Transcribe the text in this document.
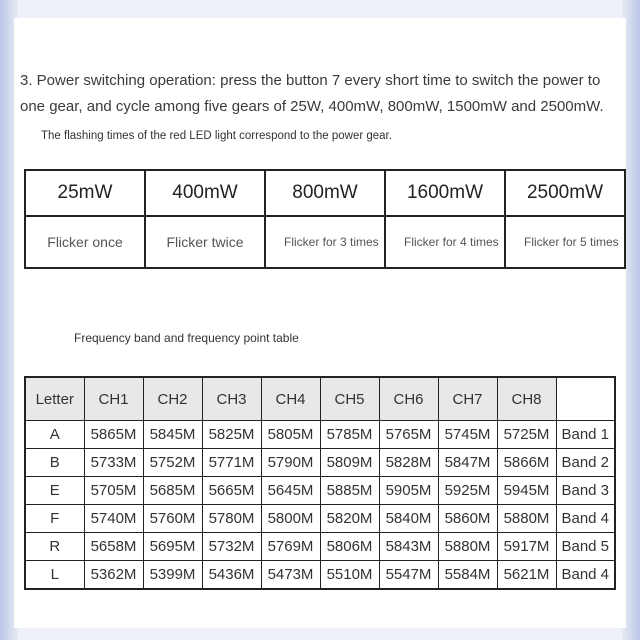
3. Power switching operation: press the button 7 every short time to switch the power to
one gear, and cycle among five gears of 25W, 400mW, 800mW, 1500mW and 2500mW.
The flashing times of the red LED light correspond to the power gear.
25mW	400mW	800mW	1600mW	2500mW
Flicker once	Flicker twice	Flicker for 3 times	Flicker for 4 times	Flicker for 5 times
Frequency band and frequency point table
Letter	CH1	CH2	CH3	CH4	CH5	CH6	CH7	CH8	
A	5865M	5845M	5825M	5805M	5785M	5765M	5745M	5725M	Band 1
B	5733M	5752M	5771M	5790M	5809M	5828M	5847M	5866M	Band 2
E	5705M	5685M	5665M	5645M	5885M	5905M	5925M	5945M	Band 3
F	5740M	5760M	5780M	5800M	5820M	5840M	5860M	5880M	Band 4
R	5658M	5695M	5732M	5769M	5806M	5843M	5880M	5917M	Band 5
L	5362M	5399M	5436M	5473M	5510M	5547M	5584M	5621M	Band 4
